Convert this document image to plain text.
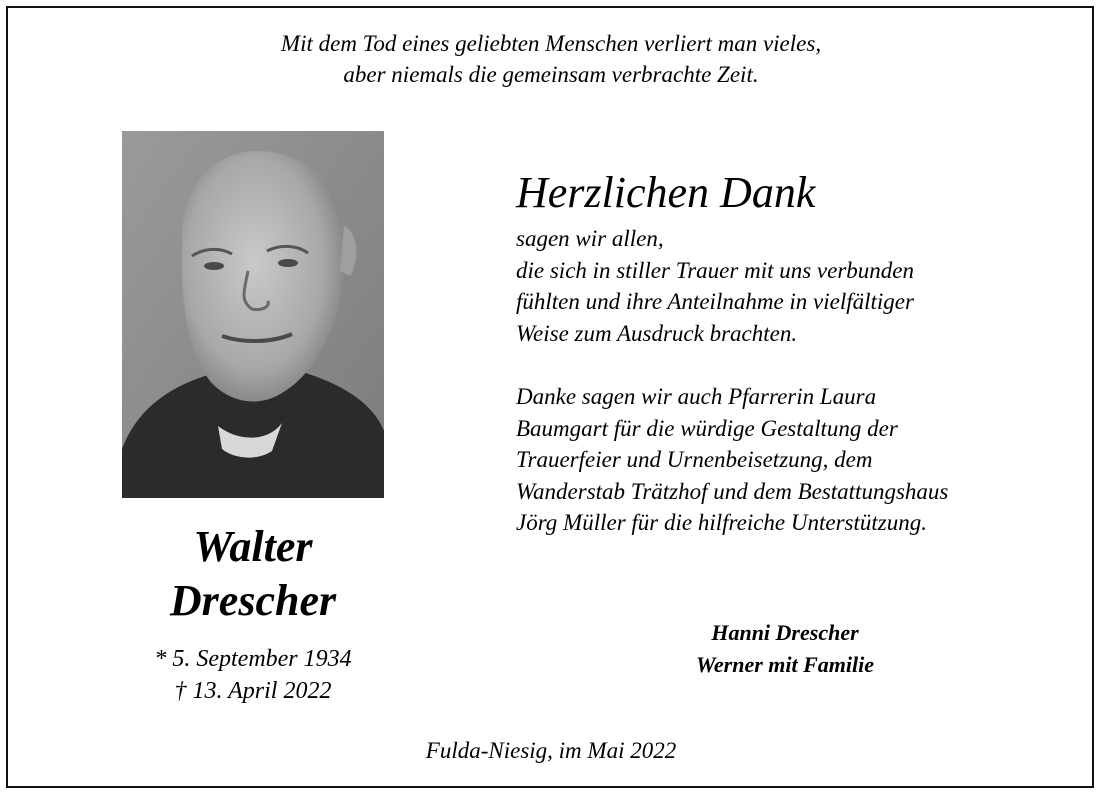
Mit dem Tod eines geliebten Menschen verliert man vieles,
aber niemals die gemeinsam verbrachte Zeit.
Walter
Drescher
* 5. September 1934
† 13. April 2022
Herzlichen Dank
sagen wir allen,
die sich in stiller Trauer mit uns verbunden
fühlten und ihre Anteilnahme in vielfältiger
Weise zum Ausdruck brachten.
Danke sagen wir auch Pfarrerin Laura
Baumgart für die würdige Gestaltung der
Trauerfeier und Urnenbeisetzung, dem
Wanderstab Trätzhof und dem Bestattungshaus
Jörg Müller für die hilfreiche Unterstützung.
Hanni Drescher
Werner mit Familie
Fulda-Niesig, im Mai 2022
